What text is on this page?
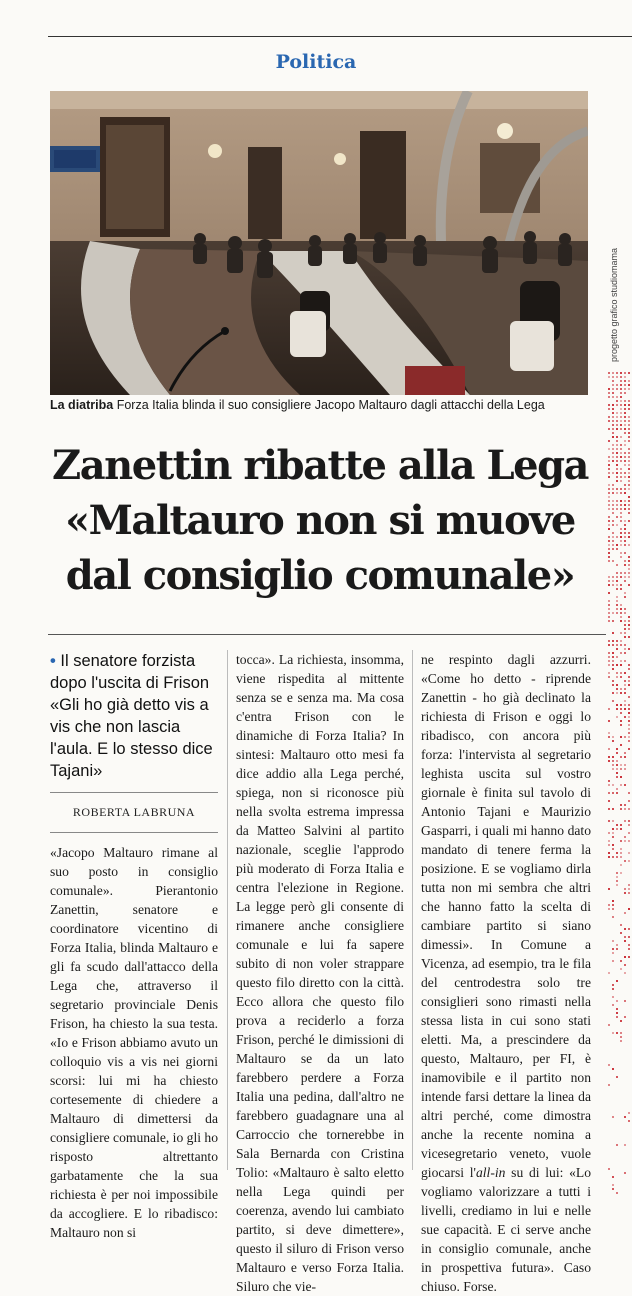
Politica
La diatriba Forza Italia blinda il suo consigliere Jacopo Maltauro dagli attacchi della Lega
progetto grafico studiomama
Zanettin ribatte alla Lega
«Maltauro non si muove
dal consiglio comunale»
• Il senatore forzista dopo l'uscita di Frison «Gli ho già detto vis a vis che non lascia l'aula. E lo stesso dice Tajani»
ROBERTA LABRUNA
«Jacopo Maltauro rimane al suo posto in consiglio comunale». Pierantonio Zanettin, senatore e coordinatore vicentino di Forza Italia, blinda Maltauro e gli fa scudo dall'attacco della Lega che, attraverso il segretario provinciale Denis Frison, ha chiesto la sua testa. «Io e Frison abbiamo avuto un colloquio vis a vis nei giorni scorsi: lui mi ha chiesto cortesemente di chiedere a Maltauro di dimettersi da consigliere comunale, io gli ho risposto altrettanto garbatamente che la sua richiesta è per noi impossibile da accogliere. E lo ribadisco: Maltauro non si
tocca». La richiesta, insomma, viene rispedita al mittente senza se e senza ma. Ma cosa c'entra Frison con le dinamiche di Forza Italia? In sintesi: Maltauro otto mesi fa dice addio alla Lega perché, spiega, non si riconosce più nella svolta estrema impressa da Matteo Salvini al partito nazionale, sceglie l'approdo più moderato di Forza Italia e centra l'elezione in Regione. La legge però gli consente di rimanere anche consigliere comunale e lui fa sapere subito di non voler strappare questo filo diretto con la città. Ecco allora che questo filo prova a reciderlo a forza Frison, perché le dimissioni di Maltauro se da un lato farebbero perdere a Forza Italia una pedina, dall'altro ne farebbero guadagnare una al Carroccio che tornerebbe in Sala Bernarda con Cristina Tolio: «Maltauro è salto eletto nella Lega quindi per coerenza, avendo lui cambiato partito, si deve dimettere», questo il siluro di Frison verso Maltauro e verso Forza Italia. Siluro che vie-
ne respinto dagli azzurri. «Come ho detto - riprende Zanettin - ho già declinato la richiesta di Frison e oggi lo ribadisco, con ancora più forza: l'intervista al segretario leghista uscita sul vostro giornale è finita sul tavolo di Antonio Tajani e Maurizio Gasparri, i quali mi hanno dato mandato di tenere ferma la posizione. E se vogliamo dirla tutta non mi sembra che altri che hanno fatto la scelta di cambiare partito si siano dimessi». In Comune a Vicenza, ad esempio, tra le fila del centrodestra solo tre consiglieri sono rimasti nella stessa lista in cui sono stati eletti. Ma, a prescindere da questo, Maltauro, per FI, è inamovibile e il partito non intende farsi dettare la linea da altri perché, come dimostra anche la recente nomina a vicesegretario veneto, vuole giocarsi l'all-in su di lui: «Lo vogliamo valorizzare a tutti i livelli, crediamo in lui e nelle sue capacità. E ci serve anche in consiglio comunale, anche in prospettiva futura». Caso chiuso. Forse.
